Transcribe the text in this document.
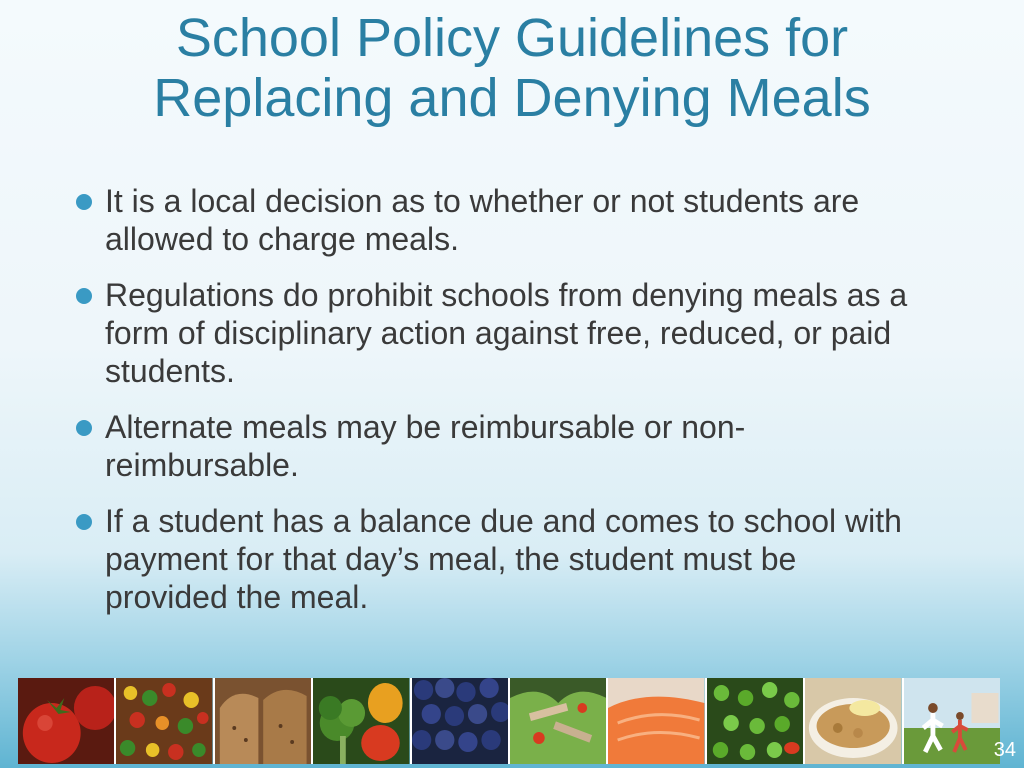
School Policy Guidelines for
Replacing and Denying Meals
It is a local decision as to whether or not students are allowed to charge meals.
Regulations do prohibit schools from denying meals as a form of disciplinary action against free, reduced, or paid students.
Alternate meals may be reimbursable or non-reimbursable.
If a student has a balance due and comes to school with payment for that day’s meal, the student must be provided the meal.
34
